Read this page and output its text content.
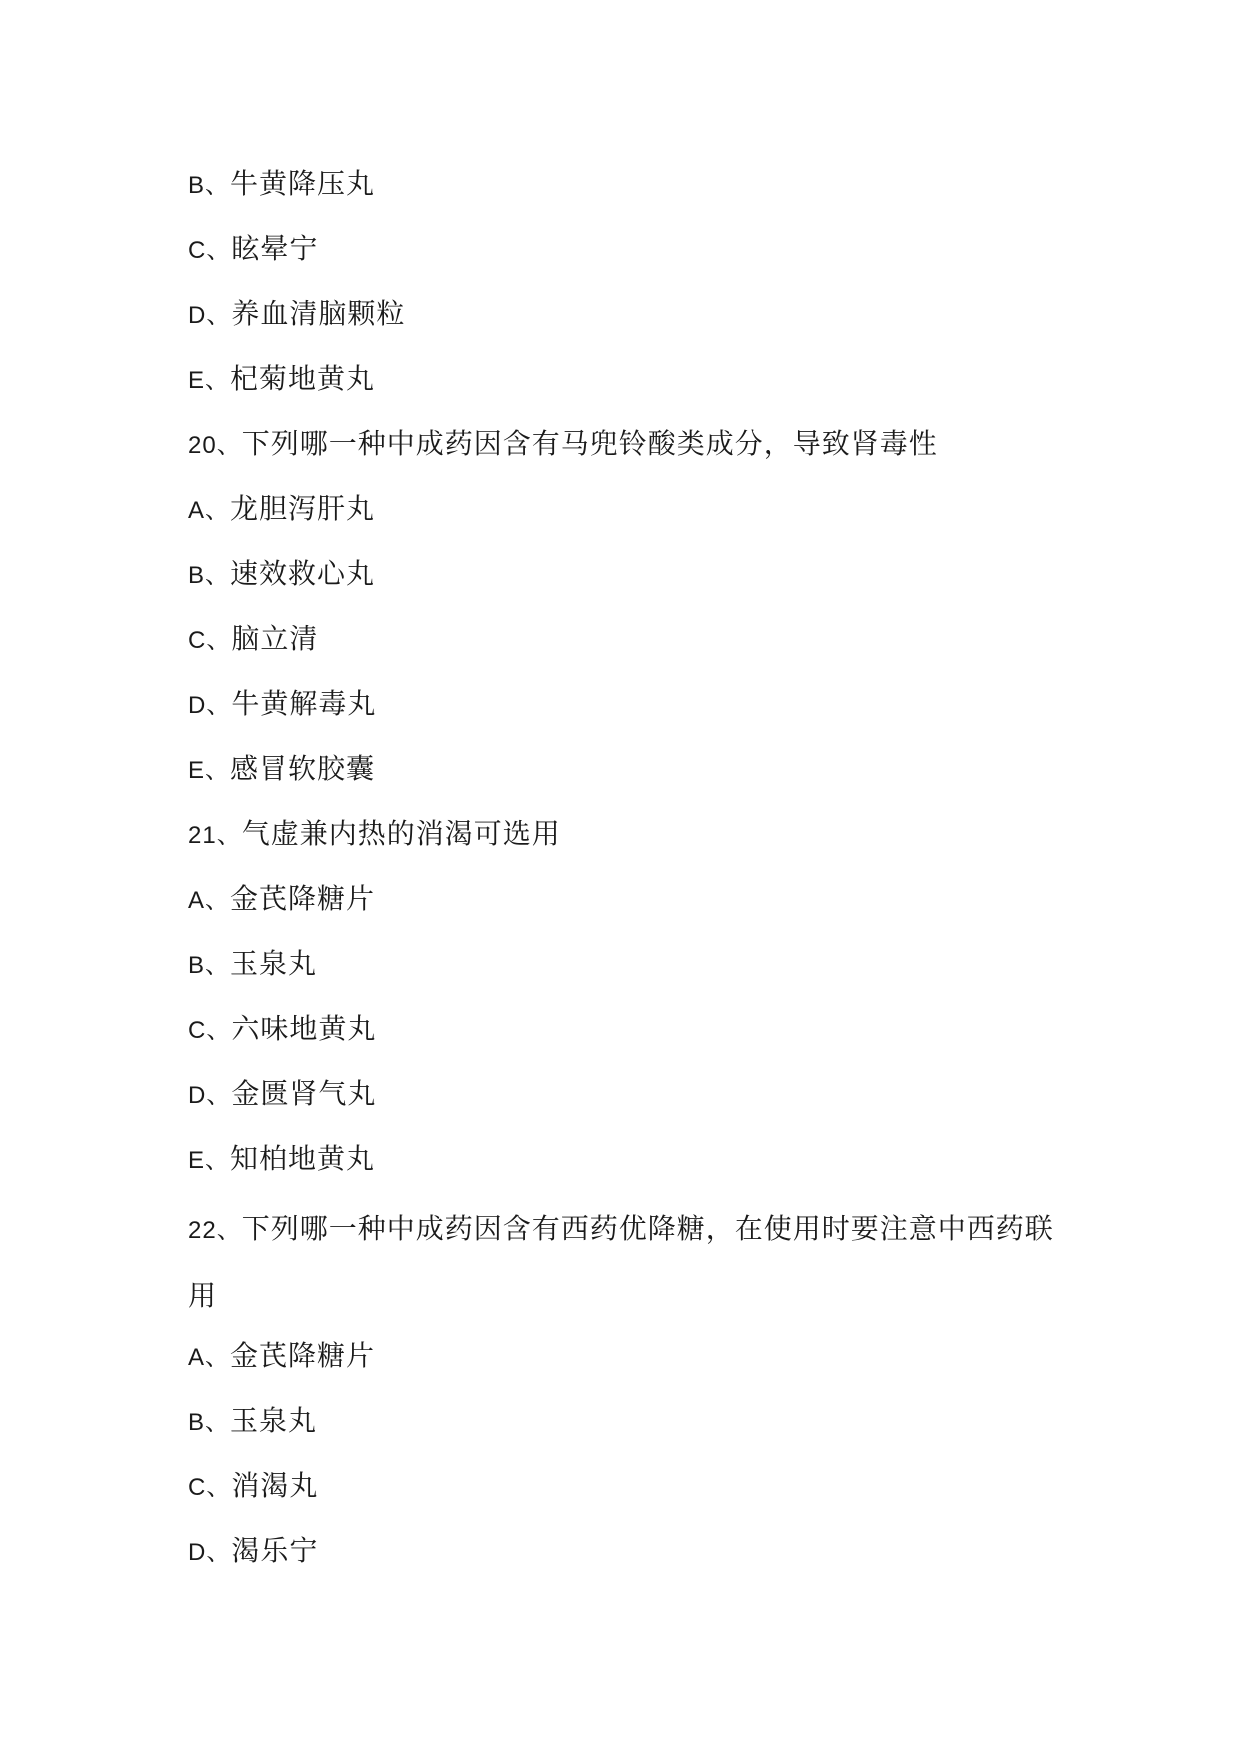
B、牛黄降压丸
C、眩晕宁
D、养血清脑颗粒
E、杞菊地黄丸
20、下列哪一种中成药因含有马兜铃酸类成分，导致肾毒性
A、龙胆泻肝丸
B、速效救心丸
C、脑立清
D、牛黄解毒丸
E、感冒软胶囊
21、气虚兼内热的消渴可选用
A、金芪降糖片
B、玉泉丸
C、六味地黄丸
D、金匮肾气丸
E、知柏地黄丸
22、下列哪一种中成药因含有西药优降糖，在使用时要注意中西药联用
A、金芪降糖片
B、玉泉丸
C、消渴丸
D、渴乐宁
